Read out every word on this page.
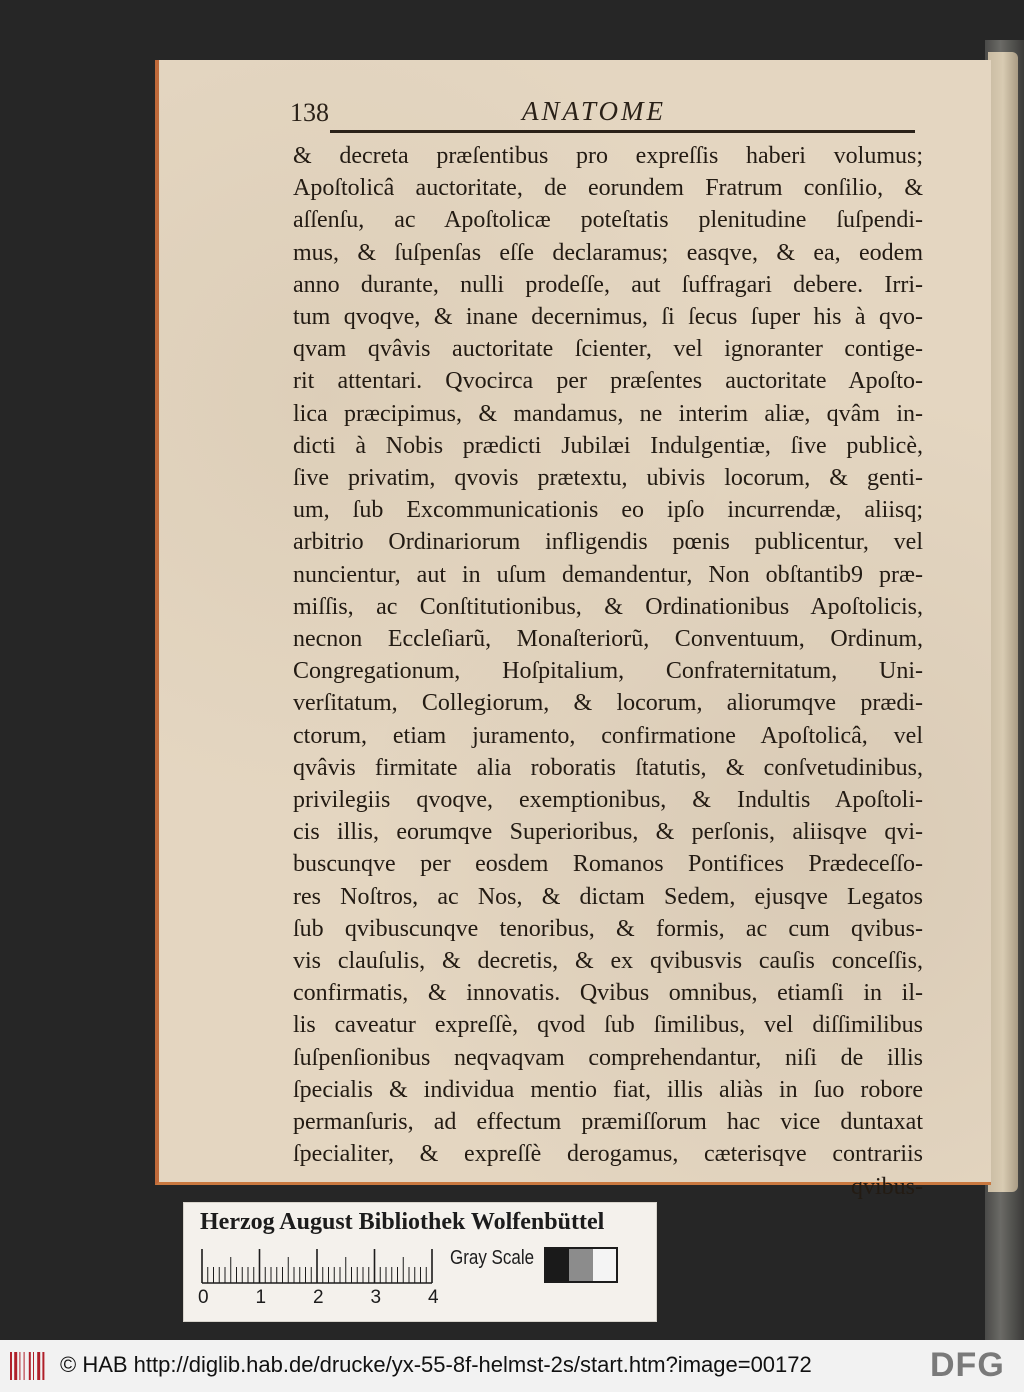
138	ANATOME
& decreta præſentibus pro expreſſis haberi volumus;
Apoſtolicâ auctoritate, de eorundem Fratrum conſilio, &
aſſenſu, ac Apoſtolicæ poteſtatis plenitudine ſuſpendi-
mus, & ſuſpenſas eſſe declaramus; easqve, & ea, eodem
anno durante, nulli prodeſſe, aut ſuffragari debere. Irri-
tum qvoqve, & inane decernimus, ſi ſecus ſuper his à qvo-
qvam qvâvis auctoritate ſcienter, vel ignoranter contige-
rit attentari. Qvocirca per præſentes auctoritate Apoſto-
lica præcipimus, & mandamus, ne interim aliæ, qvâm in-
dicti à Nobis prædicti Jubilæi Indulgentiæ, ſive publicè,
ſive privatim, qvovis prætextu, ubivis locorum, & genti-
um, ſub Excommunicationis eo ipſo incurrendæ, aliisq;
arbitrio Ordinariorum infligendis pœnis publicentur, vel
nuncientur, aut in uſum demandentur, Non obſtantib9 præ-
miſſis, ac Conſtitutionibus, & Ordinationibus Apoſtolicis,
necnon Eccleſiarũ, Monaſteriorũ, Conventuum, Ordinum,
Congregationum, Hoſpitalium, Confraternitatum, Uni-
verſitatum, Collegiorum, & locorum, aliorumqve prædi-
ctorum, etiam juramento, confirmatione Apoſtolicâ, vel
qvâvis firmitate alia roboratis ſtatutis, & conſvetudinibus,
privilegiis qvoqve, exemptionibus, & Indultis Apoſtoli-
cis illis, eorumqve Superioribus, & perſonis, aliisqve qvi-
buscunqve per eosdem Romanos Pontifices Prædeceſſo-
res Noſtros, ac Nos, & dictam Sedem, ejusqve Legatos
ſub qvibuscunqve tenoribus, & formis, ac cum qvibus-
vis clauſulis, & decretis, & ex qvibusvis cauſis conceſſis,
confirmatis, & innovatis. Qvibus omnibus, etiamſi in il-
lis caveatur expreſſè, qvod ſub ſimilibus, vel diſſimilibus
ſuſpenſionibus neqvaqvam comprehendantur, niſi de illis
ſpecialis & individua mentio fiat, illis aliàs in ſuo robore
permanſuris, ad effectum præmiſſorum hac vice duntaxat
ſpecialiter, & expreſſè derogamus, cæterisqve contrariis
qvibus-
Herzog August Bibliothek Wolfenbüttel
0 1 2 3 4
Gray Scale
© HAB http://diglib.hab.de/drucke/yx-55-8f-helmst-2s/start.htm?image=00172	DFG
